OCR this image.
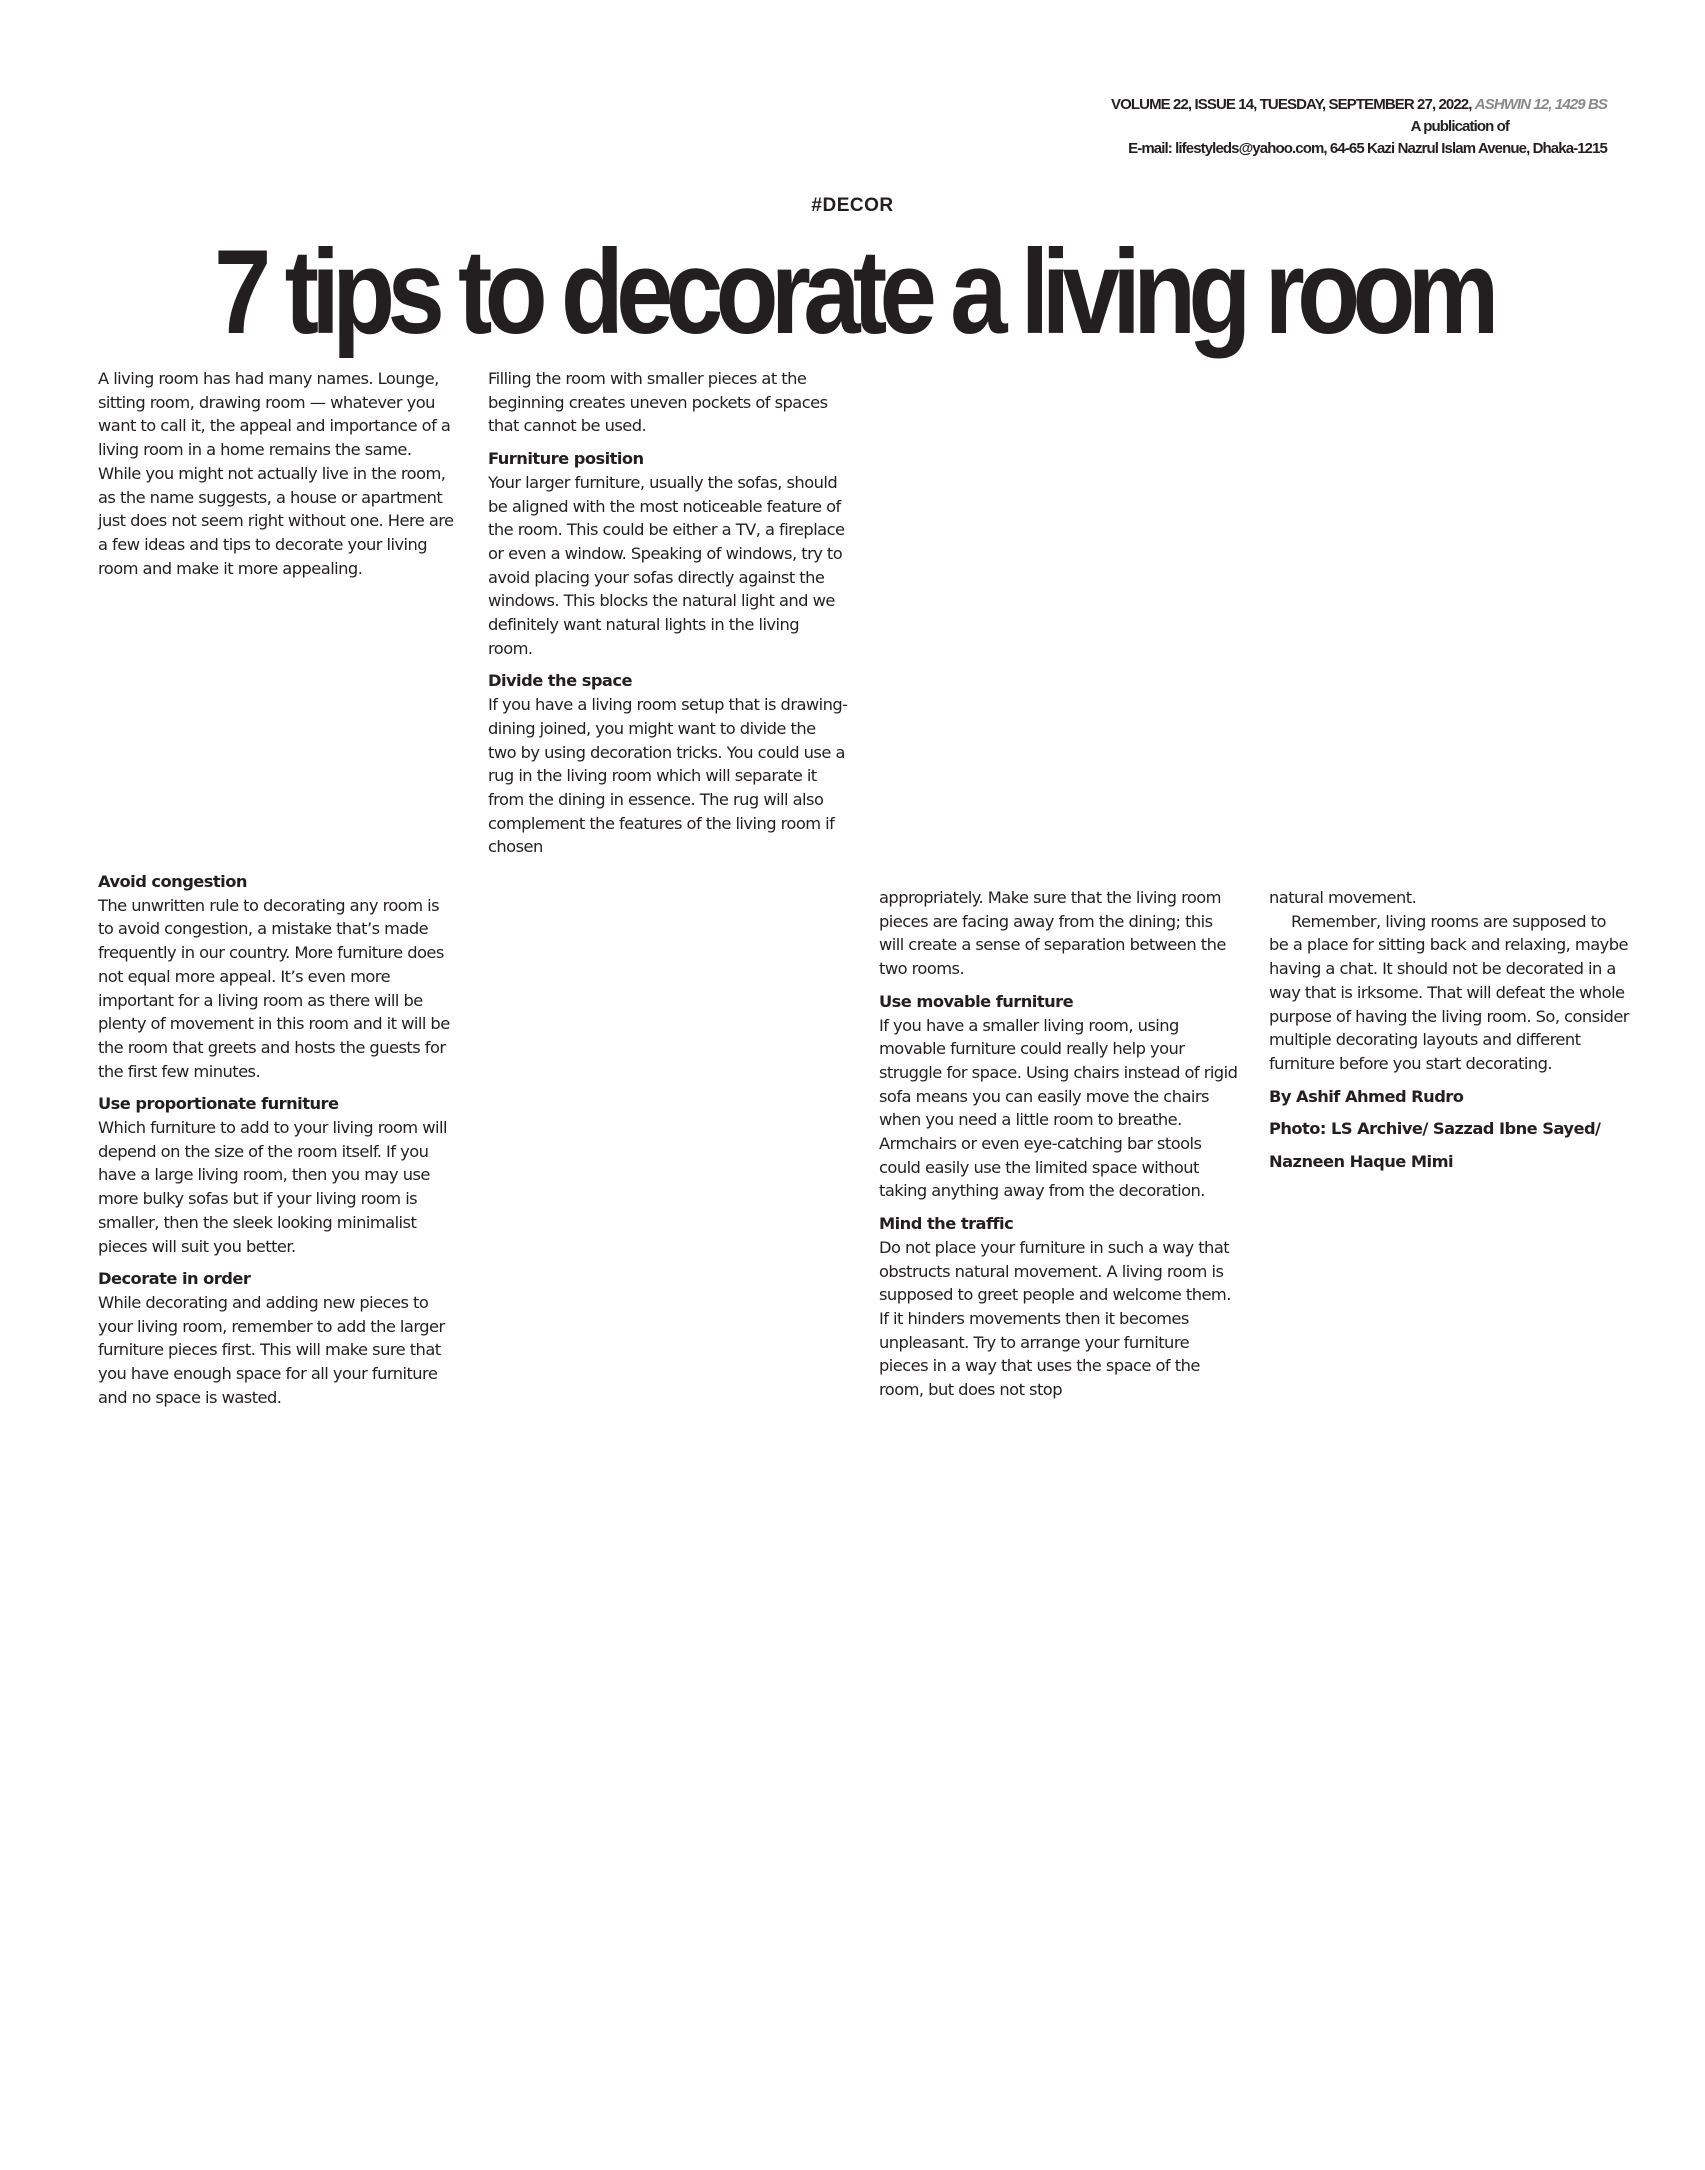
VOLUME 22, ISSUE 14, TUESDAY, SEPTEMBER 27, 2022, ASHWIN 12, 1429 BS
A publication of
E-mail: lifestyleds@yahoo.com, 64-65 Kazi Nazrul Islam Avenue, Dhaka-1215
#DECOR
7 tips to decorate a living room

A living room has had many names. Lounge, sitting room, drawing room — whatever you want to call it, the appeal and importance of a living room in a home remains the same. While you might not actually live in the room, as the name suggests, a house or apartment just does not seem right without one. Here are a few ideas and tips to decorate your living room and make it more appealing.

Avoid congestion

The unwritten rule to decorating any room is to avoid congestion, a mistake that’s made frequently in our country. More furniture does not equal more appeal. It’s even more important for a living room as there will be plenty of movement in this room and it will be the room that greets and hosts the guests for the first few minutes.

Use proportionate furniture

Which furniture to add to your living room will depend on the size of the room itself. If you have a large living room, then you may use more bulky sofas but if your living room is smaller, then the sleek looking minimalist pieces will suit you better.

Decorate in order

While decorating and adding new pieces to your living room, remember to add the larger furniture pieces first. This will make sure that you have enough space for all your furniture and no space is wasted.

Filling the room with smaller pieces at the beginning creates uneven pockets of spaces that cannot be used.

Furniture position

Your larger furniture, usually the sofas, should be aligned with the most noticeable feature of the room. This could be either a TV, a fireplace or even a window. Speaking of windows, try to avoid placing your sofas directly against the windows. This blocks the natural light and we definitely want natural lights in the living room.

Divide the space

If you have a living room setup that is drawing-dining joined, you might want to divide the two by using decoration tricks. You could use a rug in the living room which will separate it from the dining in essence. The rug will also complement the features of the living room if chosen

appropriately. Make sure that the living room pieces are facing away from the dining; this will create a sense of separation between the two rooms.

Use movable furniture

If you have a smaller living room, using movable furniture could really help your struggle for space. Using chairs instead of rigid sofa means you can easily move the chairs when you need a little room to breathe. Armchairs or even eye-catching bar stools could easily use the limited space without taking anything away from the decoration.

Mind the traffic

Do not place your furniture in such a way that obstructs natural movement. A living room is supposed to greet people and welcome them. If it hinders movements then it becomes unpleasant. Try to arrange your furniture pieces in a way that uses the space of the room, but does not stop

natural movement.

Remember, living rooms are supposed to be a place for sitting back and relaxing, maybe having a chat. It should not be decorated in a way that is irksome. That will defeat the whole purpose of having the living room. So, consider multiple decorating layouts and different furniture before you start decorating.

By Ashif Ahmed Rudro

Photo: LS Archive/ Sazzad Ibne Sayed/

Nazneen Haque Mimi
